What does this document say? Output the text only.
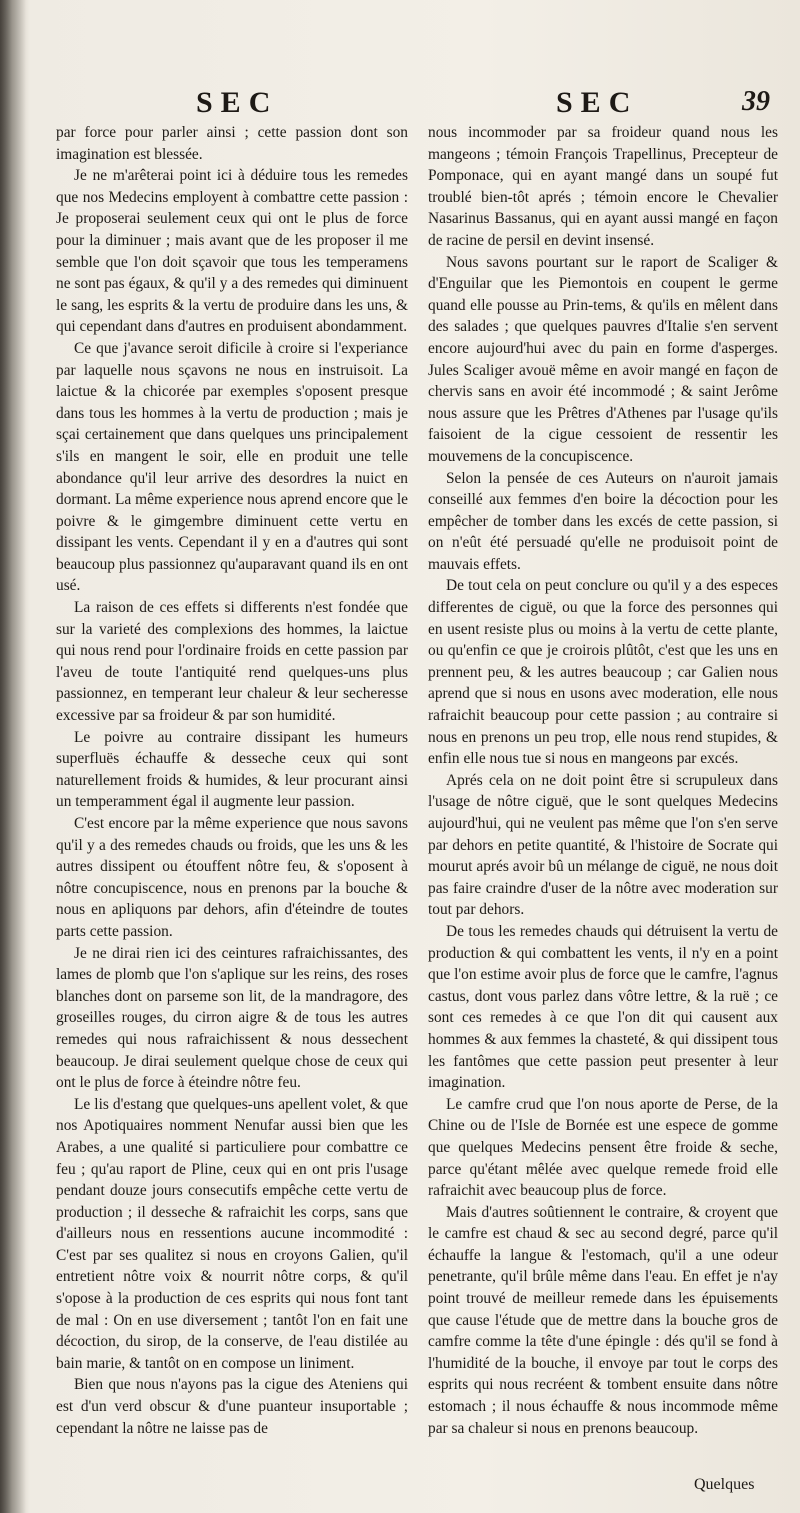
SEC	SEC	39

par force pour parler ainsi ; cette passion dont son imagination est blessée.

Je ne m'arêterai point ici à déduire tous les remedes que nos Medecins employent à combattre cette passion : Je proposerai seulement ceux qui ont le plus de force pour la diminuer ; mais avant que de les proposer il me semble que l'on doit sçavoir que tous les temperamens ne sont pas égaux, & qu'il y a des remedes qui diminuent le sang, les esprits & la vertu de produire dans les uns, & qui cependant dans d'autres en produisent abondamment.

Ce que j'avance seroit dificile à croire si l'experiance par laquelle nous sçavons ne nous en instruisoit. La laictue & la chicorée par exemples s'oposent presque dans tous les hommes à la vertu de production ; mais je sçai certainement que dans quelques uns principalement s'ils en mangent le soir, elle en produit une telle abondance qu'il leur arrive des desordres la nuict en dormant. La même experience nous aprend encore que le poivre & le gimgembre diminuent cette vertu en dissipant les vents. Cependant il y en a d'autres qui sont beaucoup plus passionnez qu'auparavant quand ils en ont usé.

La raison de ces effets si differents n'est fondée que sur la varieté des complexions des hommes, la laictue qui nous rend pour l'ordinaire froids en cette passion par l'aveu de toute l'antiquité rend quelques-uns plus passionnez, en temperant leur chaleur & leur secheresse excessive par sa froideur & par son humidité.

Le poivre au contraire dissipant les humeurs superfluës échauffe & desseche ceux qui sont naturellement froids & humides, & leur procurant ainsi un temperamment égal il augmente leur passion.

C'est encore par la même experience que nous savons qu'il y a des remedes chauds ou froids, que les uns & les autres dissipent ou étouffent nôtre feu, & s'oposent à nôtre concupiscence, nous en prenons par la bouche & nous en apliquons par dehors, afin d'éteindre de toutes parts cette passion.

Je ne dirai rien ici des ceintures rafraichissantes, des lames de plomb que l'on s'aplique sur les reins, des roses blanches dont on parseme son lit, de la mandragore, des groseilles rouges, du cirron aigre & de tous les autres remedes qui nous rafraichissent & nous dessechent beaucoup. Je dirai seulement quelque chose de ceux qui ont le plus de force à éteindre nôtre feu.

Le lis d'estang que quelques-uns apellent volet, & que nos Apotiquaires nomment Nenufar aussi bien que les Arabes, a une qualité si particuliere pour combattre ce feu ; qu'au raport de Pline, ceux qui en ont pris l'usage pendant douze jours consecutifs empêche cette vertu de production ; il desseche & rafraichit les corps, sans que d'ailleurs nous en ressentions aucune incommodité : C'est par ses qualitez si nous en croyons Galien, qu'il entretient nôtre voix & nourrit nôtre corps, & qu'il s'opose à la production de ces esprits qui nous font tant de mal : On en use diversement ; tantôt l'on en fait une décoction, du sirop, de la conserve, de l'eau distilée au bain marie, & tantôt on en compose un liniment.

Bien que nous n'ayons pas la cigue des Ateniens qui est d'un verd obscur & d'une puanteur insuportable ; cependant la nôtre ne laisse pas de

nous incommoder par sa froideur quand nous les mangeons ; témoin François Trapellinus, Precepteur de Pomponace, qui en ayant mangé dans un soupé fut troublé bien-tôt aprés ; témoin encore le Chevalier Nasarinus Bassanus, qui en ayant aussi mangé en façon de racine de persil en devint insensé.

Nous savons pourtant sur le raport de Scaliger & d'Enguilar que les Piemontois en coupent le germe quand elle pousse au Prin-tems, & qu'ils en mêlent dans des salades ; que quelques pauvres d'Italie s'en servent encore aujourd'hui avec du pain en forme d'asperges. Jules Scaliger avouë même en avoir mangé en façon de chervis sans en avoir été incommodé ; & saint Jerôme nous assure que les Prêtres d'Athenes par l'usage qu'ils faisoient de la cigue cessoient de ressentir les mouvemens de la concupiscence.

Selon la pensée de ces Auteurs on n'auroit jamais conseillé aux femmes d'en boire la décoction pour les empêcher de tomber dans les excés de cette passion, si on n'eût été persuadé qu'elle ne produisoit point de mauvais effets.

De tout cela on peut conclure ou qu'il y a des especes differentes de ciguë, ou que la force des personnes qui en usent resiste plus ou moins à la vertu de cette plante, ou qu'enfin ce que je croirois plûtôt, c'est que les uns en prennent peu, & les autres beaucoup ; car Galien nous aprend que si nous en usons avec moderation, elle nous rafraichit beaucoup pour cette passion ; au contraire si nous en prenons un peu trop, elle nous rend stupides, & enfin elle nous tue si nous en mangeons par excés.

Aprés cela on ne doit point être si scrupuleux dans l'usage de nôtre ciguë, que le sont quelques Medecins aujourd'hui, qui ne veulent pas même que l'on s'en serve par dehors en petite quantité, & l'histoire de Socrate qui mourut aprés avoir bû un mélange de ciguë, ne nous doit pas faire craindre d'user de la nôtre avec moderation sur tout par dehors.

De tous les remedes chauds qui détruisent la vertu de production & qui combattent les vents, il n'y en a point que l'on estime avoir plus de force que le camfre, l'agnus castus, dont vous parlez dans vôtre lettre, & la ruë ; ce sont ces remedes à ce que l'on dit qui causent aux hommes & aux femmes la chasteté, & qui dissipent tous les fantômes que cette passion peut presenter à leur imagination.

Le camfre crud que l'on nous aporte de Perse, de la Chine ou de l'Isle de Bornée est une espece de gomme que quelques Medecins pensent être froide & seche, parce qu'étant mêlée avec quelque remede froid elle rafraichit avec beaucoup plus de force.

Mais d'autres soûtiennent le contraire, & croyent que le camfre est chaud & sec au second degré, parce qu'il échauffe la langue & l'estomach, qu'il a une odeur penetrante, qu'il brûle même dans l'eau. En effet je n'ay point trouvé de meilleur remede dans les épuisements que cause l'étude que de mettre dans la bouche gros de camfre comme la tête d'une épingle : dés qu'il se fond à l'humidité de la bouche, il envoye par tout le corps des esprits qui nous recréent & tombent ensuite dans nôtre estomach ; il nous échauffe & nous incommode même par sa chaleur si nous en prenons beaucoup.

Quelques
